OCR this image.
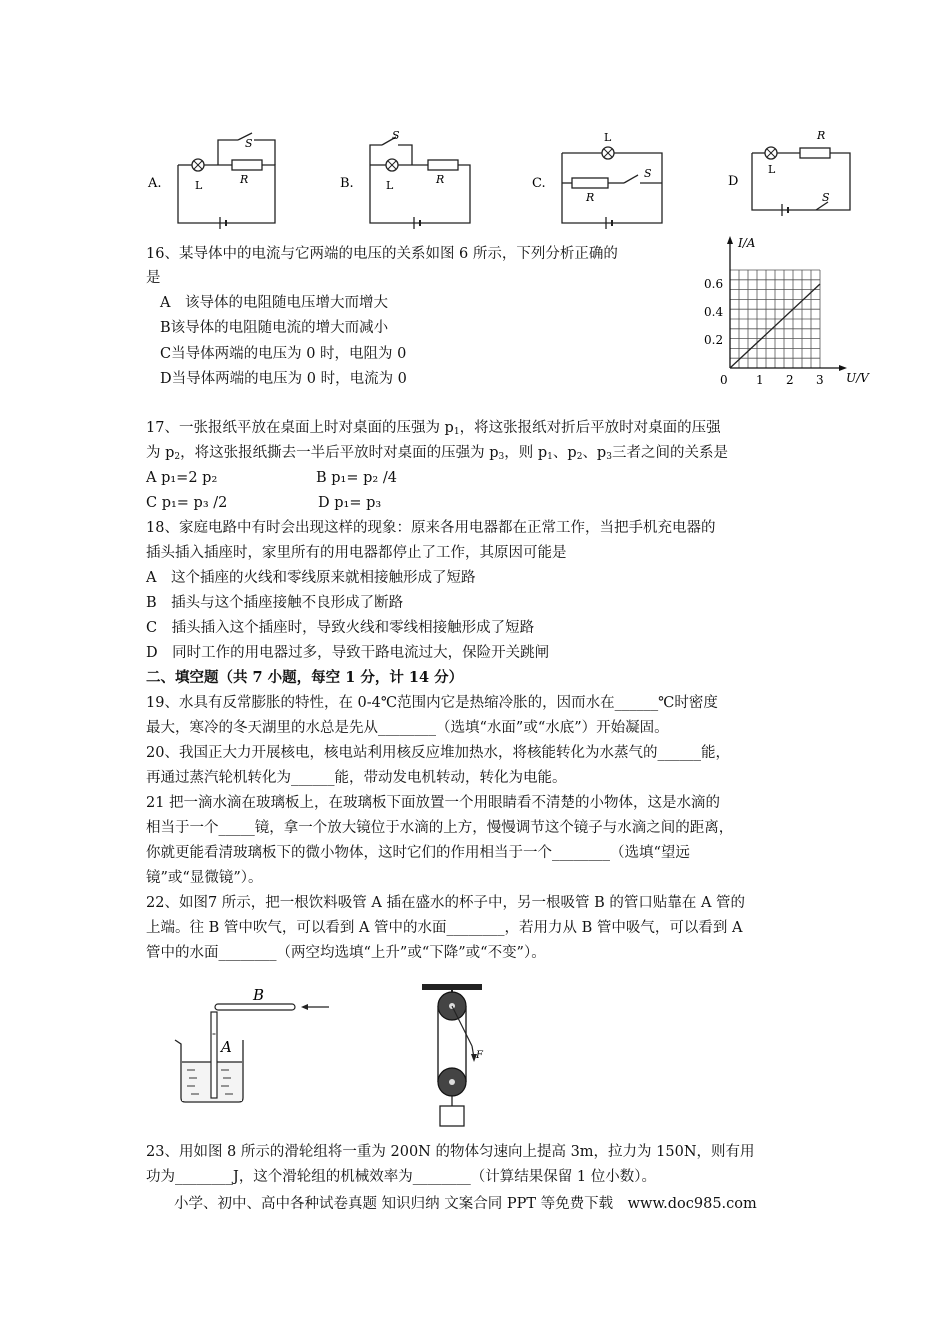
A.
S
L	R	B.
S
L	R	C.
L
R
S
D
L
R
S
16、某导体中的电流与它两端的电压的关系如图 6 所示，下列分析正确的
是
A　该导体的电阻随电压增大而增大
B该导体的电阻随电流的增大而减小
C当导体两端的电压为 0 时，电阻为 0
D当导体两端的电压为 0 时，电流为 0	0 1 2 3
0.2
0.4
0.6
I/A
U/V
17、一张报纸平放在桌面上时对桌面的压强为 $p_1$，将这张报纸对折后平放时对桌面的压强
为 $p_2$，将这张报纸撕去一半后平放时对桌面的压强为 $p_3$，则 $p_1$、$p_2$、$p_3$三者之间的关系是
A p₁=2 p₂	B p₁= p₂ /4
C p₁= p₃ /2	D p₁= p₃
18、家庭电路中有时会出现这样的现象：原来各用电器都在正常工作，当把手机充电器的
插头插入插座时，家里所有的用电器都停止了工作，其原因可能是
A　这个插座的火线和零线原来就相接触形成了短路
B　插头与这个插座接触不良形成了断路
C　插头插入这个插座时，导致火线和零线相接触形成了短路
D　同时工作的用电器过多，导致干路电流过大，保险开关跳闸
二、填空题（共 7 小题，每空 1 分，计 14 分）
19、水具有反常膨胀的特性，在 0-4℃范围内它是热缩冷胀的，因而水在______℃时密度
最大，寒冷的冬天湖里的水总是先从________（选填“水面”或“水底”）开始凝固。
20、我国正大力开展核电，核电站利用核反应堆加热水，将核能转化为水蒸气的______能，
再通过蒸汽轮机转化为______能，带动发电机转动，转化为电能。
21 把一滴水滴在玻璃板上，在玻璃板下面放置一个用眼睛看不清楚的小物体，这是水滴的
相当于一个_____镜，拿一个放大镜位于水滴的上方，慢慢调节这个镜子与水滴之间的距离，
你就更能看清玻璃板下的微小物体，这时它们的作用相当于一个________（选填“望远
镜”或“显微镜”）。
22、如图7 所示，把一根饮料吸管 A 插在盛水的杯子中，另一根吸管 B 的管口贴靠在 A 管的
上端。往 B 管中吹气，可以看到 A 管中的水面________，若用力从 B 管中吸气，可以看到 A
管中的水面________（两空均选填“上升”或“下降”或“不变”）。
B
A	F
23、用如图 8 所示的滑轮组将一重为 200N 的物体匀速向上提高 3m，拉力为 150N，则有用
功为________J，这个滑轮组的机械效率为________（计算结果保留 1 位小数）。
小学、初中、高中各种试卷真题 知识归纳 文案合同 PPT 等免费下载　www.doc985.com
